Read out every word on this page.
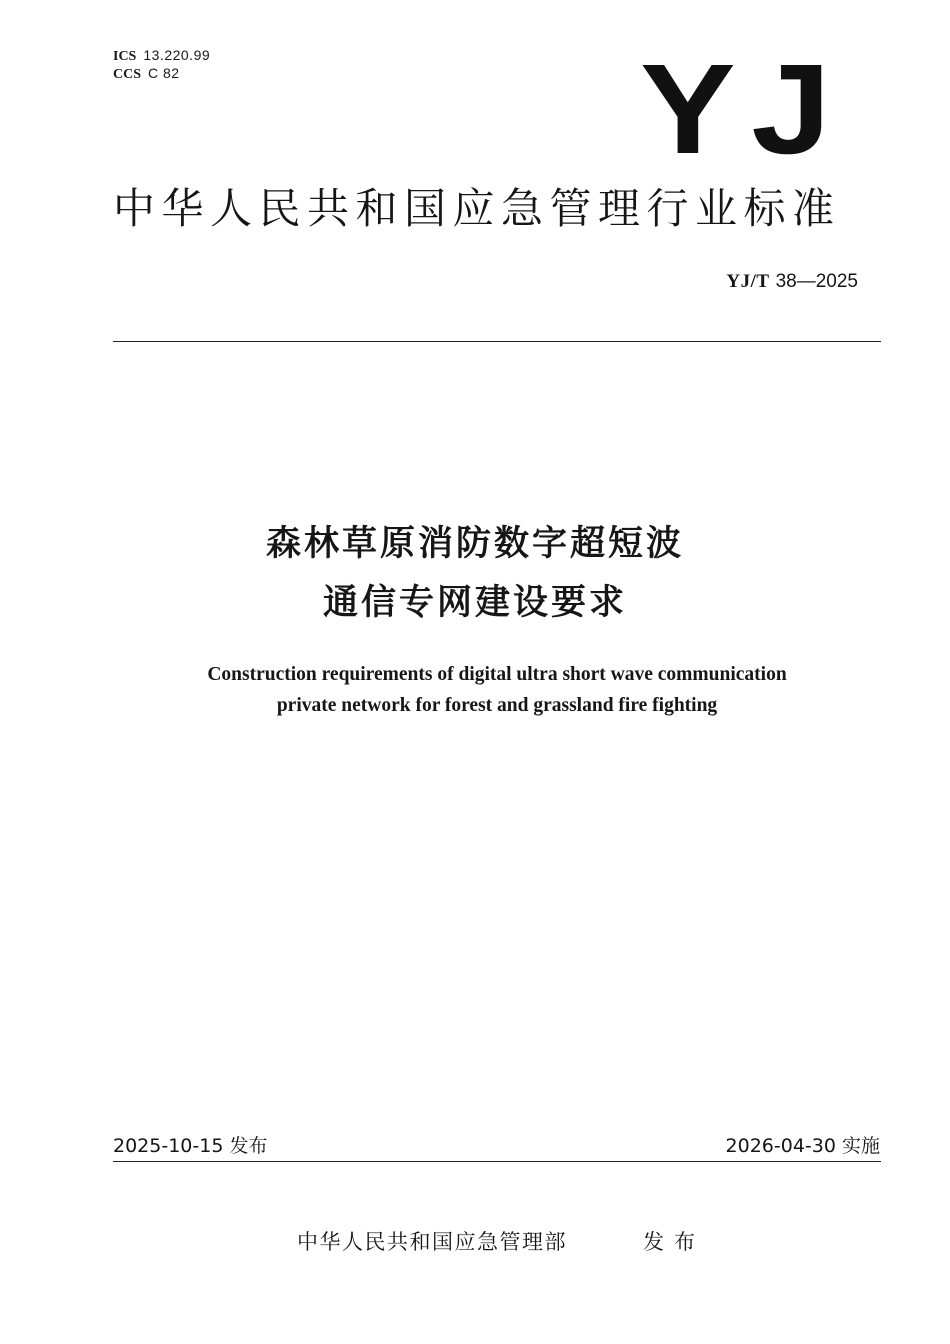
ICS 13.220.99
CCS C 82	YJ
中华人民共和国应急管理行业标准
YJ/T 38—2025
森林草原消防数字超短波
通信专网建设要求
Construction requirements of digital ultra short wave communication
private network for forest and grassland fire fighting
2025-10-15 发布	2026-04-30 实施
中华人民共和国应急管理部	发布
